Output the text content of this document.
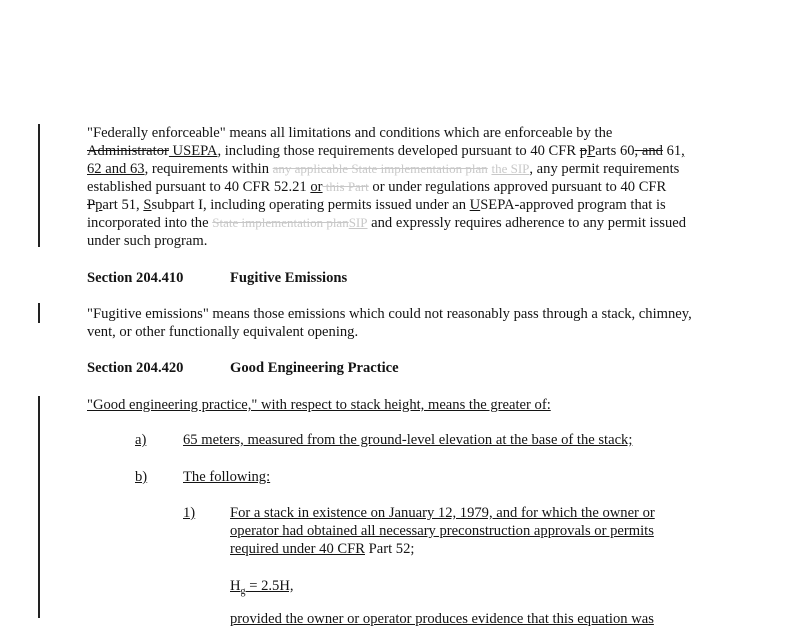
"Federally enforceable" means all limitations and conditions which are enforceable by the Administrator USEPA, including those requirements developed pursuant to 40 CFR pParts 60, and 61, 62 and 63, requirements within any applicable State implementation plan the SIP, any permit requirements established pursuant to 40 CFR 52.21 or this Part or under regulations approved pursuant to 40 CFR Ppart 51, Ssubpart I, including operating permits issued under an USEPA-approved program that is incorporated into the State implementation planSIP and expressly requires adherence to any permit issued under such program.
Section 204.410	Fugitive Emissions
"Fugitive emissions" means those emissions which could not reasonably pass through a stack, chimney, vent, or other functionally equivalent opening.
Section 204.420	Good Engineering Practice
"Good engineering practice," with respect to stack height, means the greater of:
a)	65 meters, measured from the ground-level elevation at the base of the stack;
b) The following:
1) For a stack in existence on January 12, 1979, and for which the owner or
operator had obtained all necessary preconstruction approvals or permits
required under 40 CFR Part 52;
$H_g = 2.5H$,
provided the owner or operator produces evidence that this equation was
